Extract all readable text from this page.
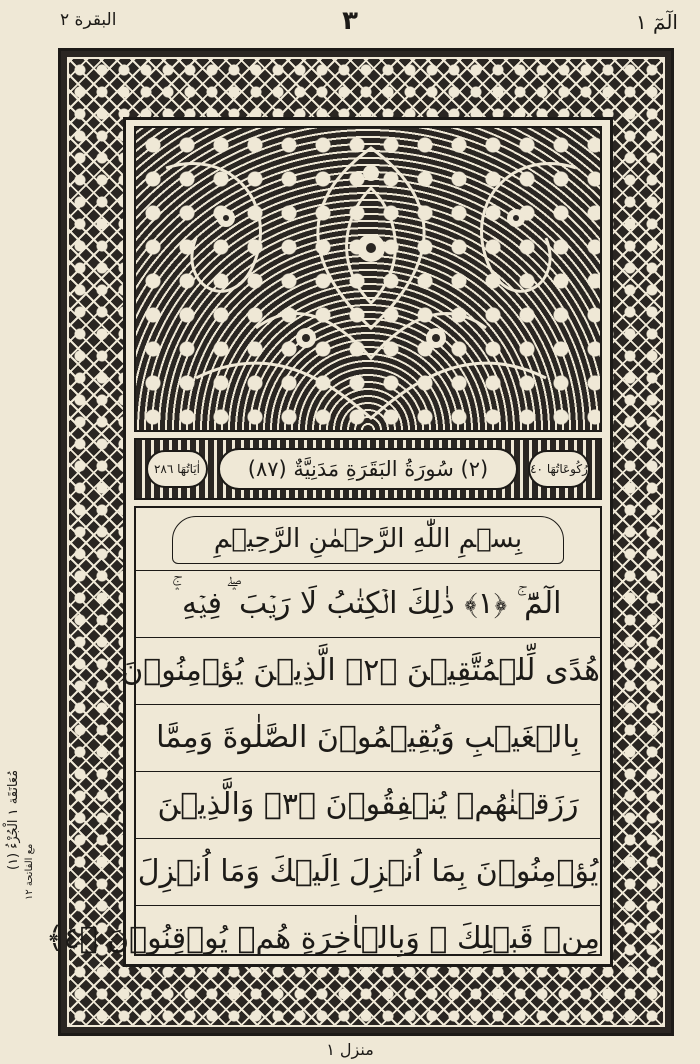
البقرة ٢	٣	الٓمٓ ١
مُعَانَقَة ١ الْجُزْءُ (١)
مع الفاتحة ١٢
اٰيَاتُهَا ٢٨٦	(٢) سُورَةُ البَقَرَةِ مَدَنِيَّةٌ (٨٧)	رُكُوعَاتُهَا ٤٠
بِسۡمِ اللّٰهِ الرَّحۡمٰنِ الرَّحِيۡمِ
الٓمّٓ ۚ ﴿١﴾ ذٰلِكَ الۡكِتٰبُ لَا رَيۡبَ ۛۖ فِيۡهِ ۛۚ
هُدًى لِّلۡمُتَّقِيۡنَ ﴿٢﴾ الَّذِيۡنَ يُؤۡمِنُوۡنَ
بِالۡغَيۡبِ وَيُقِيۡمُوۡنَ الصَّلٰوةَ وَمِمَّا
رَزَقۡنٰهُمۡ يُنۡفِقُوۡنَ ﴿٣﴾ وَالَّذِيۡنَ
يُؤۡمِنُوۡنَ بِمَا اُنۡزِلَ اِلَيۡكَ وَمَا اُنۡزِلَ
مِنۡ قَبۡلِكَ ۚ وَبِالۡاٰخِرَةِ هُمۡ يُوۡقِنُوۡنَ ﴿٤﴾
منزل ١
